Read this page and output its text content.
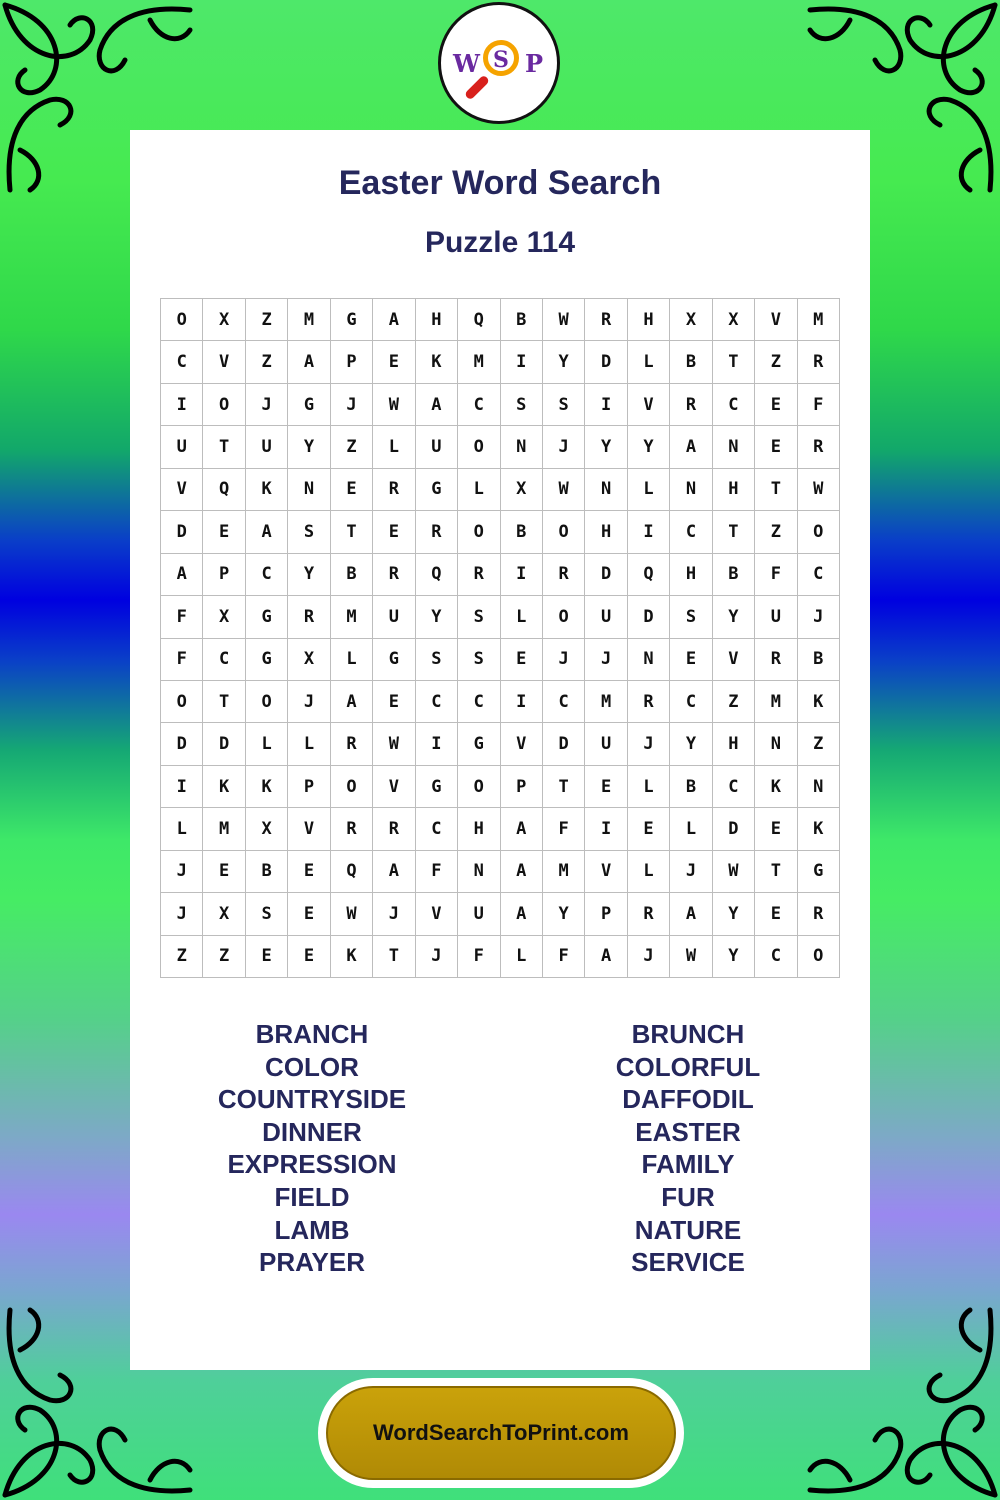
W S P
Easter Word Search
Puzzle 114
O	X	Z	M	G	A	H	Q	B	W	R	H	X	X	V	M
C	V	Z	A	P	E	K	M	I	Y	D	L	B	T	Z	R
I	O	J	G	J	W	A	C	S	S	I	V	R	C	E	F
U	T	U	Y	Z	L	U	O	N	J	Y	Y	A	N	E	R
V	Q	K	N	E	R	G	L	X	W	N	L	N	H	T	W
D	E	A	S	T	E	R	O	B	O	H	I	C	T	Z	O
A	P	C	Y	B	R	Q	R	I	R	D	Q	H	B	F	C
F	X	G	R	M	U	Y	S	L	O	U	D	S	Y	U	J
F	C	G	X	L	G	S	S	E	J	J	N	E	V	R	B
O	T	O	J	A	E	C	C	I	C	M	R	C	Z	M	K
D	D	L	L	R	W	I	G	V	D	U	J	Y	H	N	Z
I	K	K	P	O	V	G	O	P	T	E	L	B	C	K	N
L	M	X	V	R	R	C	H	A	F	I	E	L	D	E	K
J	E	B	E	Q	A	F	N	A	M	V	L	J	W	T	G
J	X	S	E	W	J	V	U	A	Y	P	R	A	Y	E	R
Z	Z	E	E	K	T	J	F	L	F	A	J	W	Y	C	O
BRANCH
COLOR
COUNTRYSIDE
DINNER
EXPRESSION
FIELD
LAMB
PRAYER
BRUNCH
COLORFUL
DAFFODIL
EASTER
FAMILY
FUR
NATURE
SERVICE
WordSearchToPrint.com
